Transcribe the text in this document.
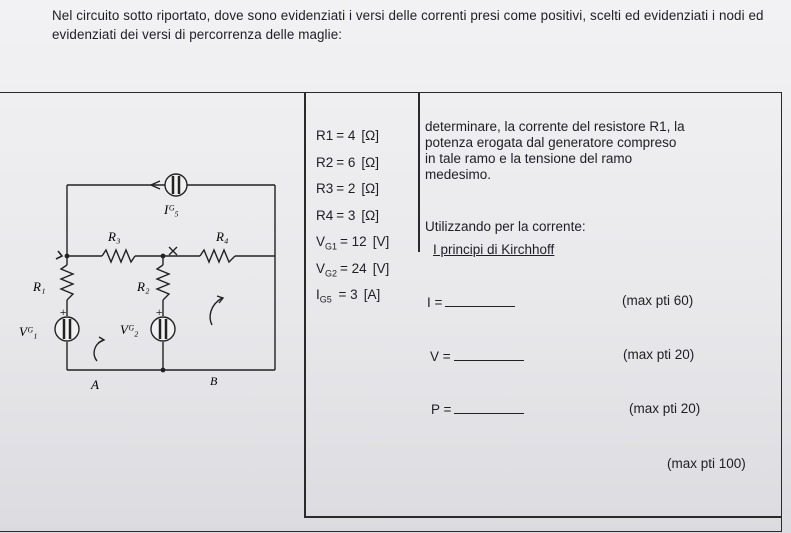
Nel circuito sotto riportato, dove sono evidenziati i versi delle correnti presi come positivi, scelti ed evidenziati i nodi ed evidenziati dei versi di percorrenza delle maglie:
Iᴳ₅
R₃	R₄
R₁	R₂
Vᴳ₁	Vᴳ₂
+	+
A	B
R1 = 4 [Ω]
R2 = 6 [Ω]
R3 = 2 [Ω]
R4 = 3 [Ω]
$V_{G1} = 12$ [V]
$V_{G2} = 24$ [V]
$I_{G5} = 3$ [A]
determinare, la corrente del resistore R1, la
potenza erogata dal generatore compreso
in tale ramo e la tensione del ramo
medesimo.
Utilizzando per la corrente:
I principi di Kirchhoff
I =	(max pti 60)
V =	(max pti 20)
P =	(max pti 20)
(max pti 100)
